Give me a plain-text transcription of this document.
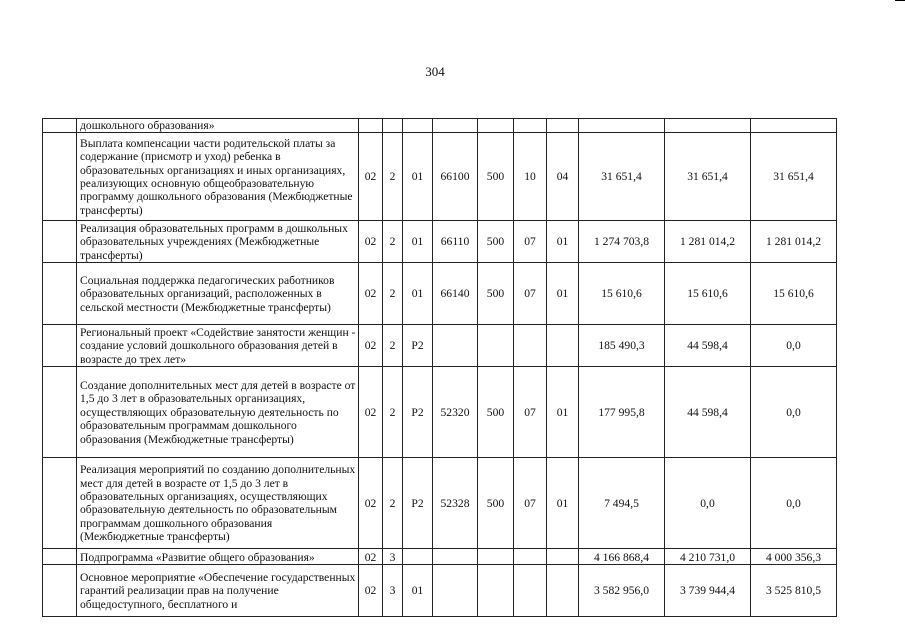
304
	дошкольного образования»										
	Выплата компенсации части родительской платы за содержание (присмотр и уход) ребенка в образовательных организациях и иных организациях, реализующих основную общеобразовательную программу дошкольного образования (Межбюджетные трансферты)	02	2	01	66100	500	10	04	31 651,4	31 651,4	31 651,4
	Реализация образовательных программ в дошкольных образовательных учреждениях (Межбюджетные трансферты)	02	2	01	66110	500	07	01	1 274 703,8	1 281 014,2	1 281 014,2
	Социальная поддержка педагогических работников образовательных организаций, расположенных в сельской местности (Межбюджетные трансферты)	02	2	01	66140	500	07	01	15 610,6	15 610,6	15 610,6
	Региональный проект «Содействие занятости женщин - создание условий дошкольного образования детей в возрасте до трех лет»	02	2	P2					185 490,3	44 598,4	0,0
	Создание дополнительных мест для детей в возрасте от 1,5 до 3 лет в образовательных организациях, осуществляющих образовательную деятельность по образовательным программам дошкольного образования (Межбюджетные трансферты)	02	2	P2	52320	500	07	01	177 995,8	44 598,4	0,0
	Реализация мероприятий по созданию дополнительных мест для детей в возрасте от 1,5 до 3 лет в образовательных организациях, осуществляющих образовательную деятельность по образовательным программам дошкольного образования (Межбюджетные трансферты)	02	2	P2	52328	500	07	01	7 494,5	0,0	0,0
	Подпрограмма «Развитие общего образования»	02	3						4 166 868,4	4 210 731,0	4 000 356,3
	Основное мероприятие «Обеспечение государственных гарантий реализации прав на получение общедоступного, бесплатного и	02	3	01					3 582 956,0	3 739 944,4	3 525 810,5
